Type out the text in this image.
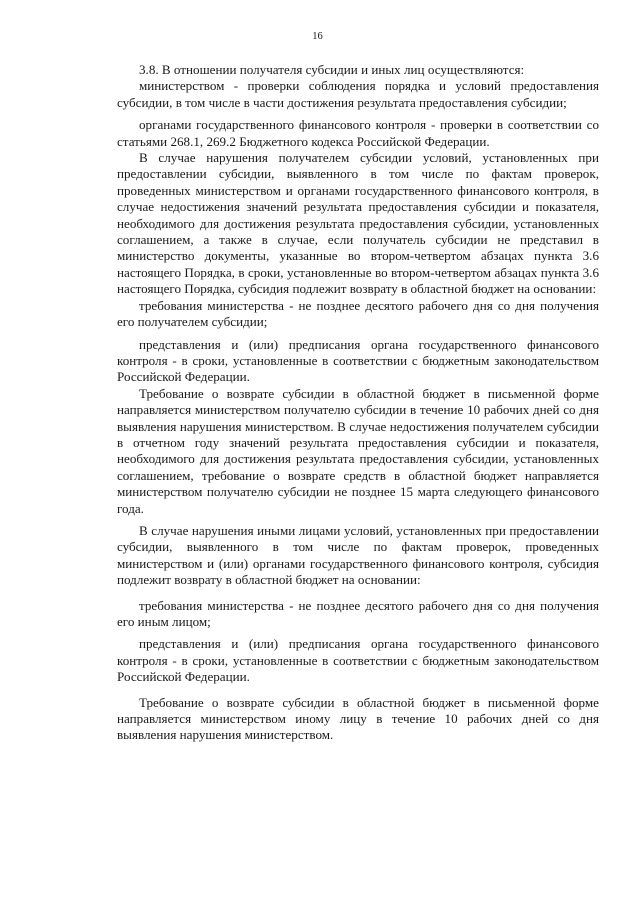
16

3.8. В отношении получателя субсидии и иных лиц осуществляются:

министерством - проверки соблюдения порядка и условий предоставления субсидии, в том числе в части достижения результата предоставления субсидии;

органами государственного финансового контроля - проверки в соответствии со статьями 268.1, 269.2 Бюджетного кодекса Российской Федерации.

В случае нарушения получателем субсидии условий, установленных при предоставлении субсидии, выявленного в том числе по фактам проверок, проведенных министерством и органами государственного финансового контроля, в случае недостижения значений результата предоставления субсидии и показателя, необходимого для достижения результата предоставления субсидии, установленных соглашением, а также в случае, если получатель субсидии не представил в министерство документы, указанные во втором-четвертом абзацах пункта 3.6 настоящего Порядка, в сроки, установленные во втором-четвертом абзацах пункта 3.6 настоящего Порядка, субсидия подлежит возврату в областной бюджет на основании:

требования министерства - не позднее десятого рабочего дня со дня получения его получателем субсидии;

представления и (или) предписания органа государственного финансового контроля - в сроки, установленные в соответствии с бюджетным законодательством Российской Федерации.

Требование о возврате субсидии в областной бюджет в письменной форме направляется министерством получателю субсидии в течение 10 рабочих дней со дня выявления нарушения министерством. В случае недостижения получателем субсидии в отчетном году значений результата предоставления субсидии и показателя, необходимого для достижения результата предоставления субсидии, установленных соглашением, требование о возврате средств в областной бюджет направляется министерством получателю субсидии не позднее 15 марта следующего финансового года.

В случае нарушения иными лицами условий, установленных при предоставлении субсидии, выявленного в том числе по фактам проверок, проведенных министерством и (или) органами государственного финансового контроля, субсидия подлежит возврату в областной бюджет на основании:

требования министерства - не позднее десятого рабочего дня со дня получения его иным лицом;

представления и (или) предписания органа государственного финансового контроля - в сроки, установленные в соответствии с бюджетным законодательством Российской Федерации.

Требование о возврате субсидии в областной бюджет в письменной форме направляется министерством иному лицу в течение 10 рабочих дней со дня выявления нарушения министерством.
